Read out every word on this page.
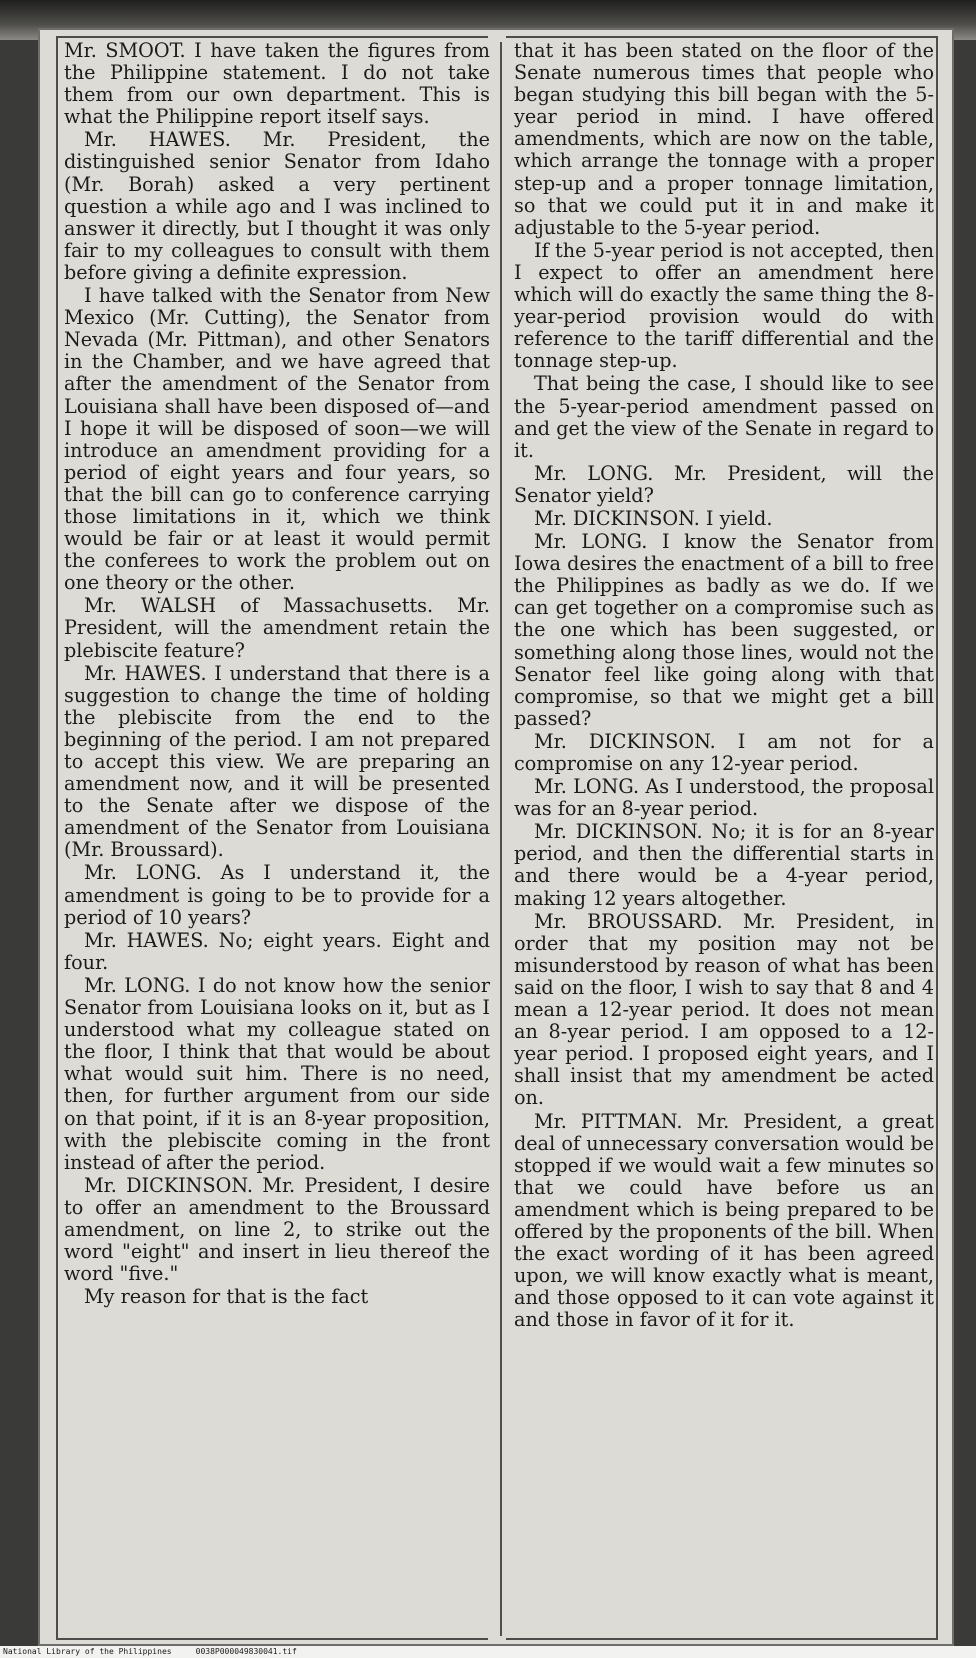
Mr. SMOOT. I have taken the figures from the Philippine statement. I do not take them from our own department. This is what the Philippine report itself says.

Mr. HAWES. Mr. President, the distinguished senior Senator from Idaho (Mr. Borah) asked a very pertinent question a while ago and I was inclined to answer it directly, but I thought it was only fair to my colleagues to consult with them before giving a definite expression.

I have talked with the Senator from New Mexico (Mr. Cutting), the Senator from Nevada (Mr. Pittman), and other Senators in the Chamber, and we have agreed that after the amendment of the Senator from Louisiana shall have been disposed of—and I hope it will be disposed of soon—we will introduce an amendment providing for a period of eight years and four years, so that the bill can go to conference carrying those limitations in it, which we think would be fair or at least it would permit the conferees to work the problem out on one theory or the other.

Mr. WALSH of Massachusetts. Mr. President, will the amendment retain the plebiscite feature?

Mr. HAWES. I understand that there is a suggestion to change the time of holding the plebiscite from the end to the beginning of the period. I am not prepared to accept this view. We are preparing an amendment now, and it will be presented to the Senate after we dispose of the amendment of the Senator from Louisiana (Mr. Broussard).

Mr. LONG. As I understand it, the amendment is going to be to provide for a period of 10 years?

Mr. HAWES. No; eight years. Eight and four.

Mr. LONG. I do not know how the senior Senator from Louisiana looks on it, but as I understood what my colleague stated on the floor, I think that that would be about what would suit him. There is no need, then, for further argument from our side on that point, if it is an 8-year proposition, with the plebiscite coming in the front instead of after the period.

Mr. DICKINSON. Mr. President, I desire to offer an amendment to the Broussard amendment, on line 2, to strike out the word "eight" and insert in lieu thereof the word "five."

My reason for that is the fact

that it has been stated on the floor of the Senate numerous times that people who began studying this bill began with the 5-year period in mind. I have offered amendments, which are now on the table, which arrange the tonnage with a proper step-up and a proper tonnage limitation, so that we could put it in and make it adjustable to the 5-year period.

If the 5-year period is not accepted, then I expect to offer an amendment here which will do exactly the same thing the 8-year-period provision would do with reference to the tariff differential and the tonnage step-up.

That being the case, I should like to see the 5-year-period amendment passed on and get the view of the Senate in regard to it.

Mr. LONG. Mr. President, will the Senator yield?

Mr. DICKINSON. I yield.

Mr. LONG. I know the Senator from Iowa desires the enactment of a bill to free the Philippines as badly as we do. If we can get together on a compromise such as the one which has been suggested, or something along those lines, would not the Senator feel like going along with that compromise, so that we might get a bill passed?

Mr. DICKINSON. I am not for a compromise on any 12-year period.

Mr. LONG. As I understood, the proposal was for an 8-year period.

Mr. DICKINSON. No; it is for an 8-year period, and then the differential starts in and there would be a 4-year period, making 12 years altogether.

Mr. BROUSSARD. Mr. President, in order that my position may not be misunderstood by reason of what has been said on the floor, I wish to say that 8 and 4 mean a 12-year period. It does not mean an 8-year period. I am opposed to a 12-year period. I proposed eight years, and I shall insist that my amendment be acted on.

Mr. PITTMAN. Mr. President, a great deal of unnecessary conversation would be stopped if we would wait a few minutes so that we could have before us an amendment which is being prepared to be offered by the proponents of the bill. When the exact wording of it has been agreed upon, we will know exactly what is meant, and those opposed to it can vote against it and those in favor of it for it.

National Library of the Philippines     0038P000049830041.tif
